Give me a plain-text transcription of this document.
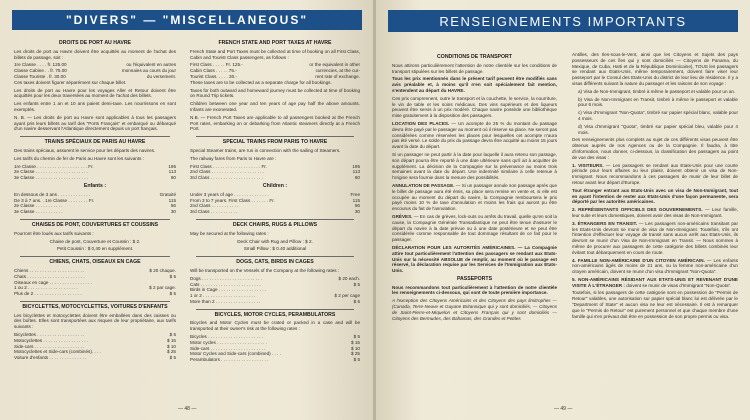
"DIVERS" — "MISCELLANEOUS"
DROITS DE PORT AU HAVRE
Les droits de port au Havre doivent être acquittés au moment de l'achat des billets de passage, soit :
1re Classe . . . . fr. 125.00	ou l'équivalent en autres
Classe Cabine . . fr. 75.00	monnaies au cours du jour
Classe Touriste . fr. 30.00	du versement.
Ces taxes doivent figurer séparément sur chaque billet.
Les droits de port au Havre pour les voyages Aller et Retour doivent être acquittés pour les deux traversées au moment de l'achat des billets.
Les enfants entre 1 an et 10 ans paient demi-taxe. Les nourrissons en sont exemptés.
N. B. — Les droits de port au Havre sont applicables à tous les passagers ayant pris leurs billets au tarif des "Ports Français" et embarqué ou débarqué d'un navire desservant l'Atlantique directement depuis un port français.
TRAINS SPÉCIAUX DE PARIS AU HAVRE
Des trains spéciaux, assurent le service pour les départs des navires.
Les tarifs du chemin de fer de Paris au Havre sont les suivants :
1re Classe . . . . . . . . . . . . . . . . . . . . Fr.	195
2e Classe . . . . . . . . . . . . . . . . . . . . .	113
3e Classe . . . . . . . . . . . . . . . . . . . . .	60
Enfants :
En dessous de 3 ans . . . . . . . . . . . . .	Gratuité
De 3 à 7 ans. . 1re Classe . . . . . . . . Fr.	115
2e Classe . . . . . . . . . . .	56
3e Classe . . . . . . . . . . .	30
CHAISES DE PONT, COUVERTURES ET COUSSINS
Pourront être loués aux tarifs suivants :
Chaise de pont, Couverture et Coussin : $ 2.
Petit Coussin : $ 0,40 en supplément.
CHIENS, CHATS, OISEAUX EN CAGE
Chiens . . . . . . . . . . . . . . . . . . . . . .	$ 20 chaque.
Chats . . . . . . . . . . . . . . . . . . . . . . .	$ 5
Oiseaux en cage . . . . . . . . . . . . . . . . .
1 ou 2 . . . . . . . . . . . . . . . . . . . .	$ 2 par cage.
Plus de 2 . . . . . . . . . . . . . . . . . . .	$ 5
BICYCLETTES, MOTOCYCLETTES, VOITURES D'ENFANTS
Les bicyclettes et motocyclettes doivent être emballées dans des caisses ou des boîtes. Elles sont transportées aux risques de leur propriétaire, aux tarifs suivants :
Bicyclettes . . . . . . . . . . . . . . . . . . .	$ 5
Motocyclettes . . . . . . . . . . . . . . . . . .	$ 15
Side-cars . . . . . . . . . . . . . . . . . . . .	$ 10
Motocyclettes et Side-cars (combinés). . . .	$ 25
Voiture d'enfants . . . . . . . . . . . . . . .	$ 5
FRENCH STATE AND PORT TAXES AT HAVRE
French State and Port Taxes must be collected at time of booking on all First Class, Cabin and Tourist Class passengers, as follows :
First Class . . . . . Fr. 125.-	or the equivalent in other
Cabin Class . . . . . 75.-	currencies, at the cur-
Tourist Class. . . . . 30.-	rent rate of exchange.
These taxes are to be collected as a separate charge for all bookings.
Taxes for both outward and homeward journey must be collected at time of booking on Round Trip tickets.
Children between one year and ten years of age pay half the above amounts. Infants are exonerated.
N.B. — French Port Taxes are applicable to all passengers booked at the French Port rates, embarking on or debarking from Atlantic steamers directly at a French Port.
SPECIAL TRAINS FROM PARIS TO HAVRE
Special Steamer trains, are run in connection with the sailing of Steamers.
The railway fares from Paris to Havre are :
First Class . . . . . . . . . . . . . . . . . . . Fr.	195
2nd Class . . . . . . . . . . . . . . . . . . . . .	113
3rd Class . . . . . . . . . . . . . . . . . . . . .	60
Children :
Under 3 years of age . . . . . . . . . . . . . .	Free
From 3 to 7 years. First Class . . . . . . . Fr.	115
2nd Class . . . . . . . . . . .	56
3rd Class . . . . . . . . . . .	30
DECK CHAIRS, RUGS & PILLOWS
May be secured at the following rates :
Deck Chair with Rug and Pillow : $ 2.
Small Pillow : $ 0.40 additional
DOGS, CATS, BIRDS IN CAGES
Will be transported on the Vessels of the Company at the following rates :
Dogs . . . . . . . . . . . . . . . . . . . . . . . .	$ 20 each.
Cats . . . . . . . . . . . . . . . . . . . . . . . .	$ 5
Birds in Cage . . . . . . . . . . . . . . . . . . .
1 or 2 . . . . . . . . . . . . . . . . . . . . .	$ 2 per cage
More than 2 . . . . . . . . . . . . . . . . . .	$ 5
BICYCLES, MOTOR CYCLES, PERAMBULATORS
Bicycles and Motor Cycles must be crated or packed in a case and will be transported at their owner's risk at the following rates :
Bicycles . . . . . . . . . . . . . . . . . . . . . .	$ 5
Motor cycles . . . . . . . . . . . . . . . . . . . .	$ 15
Side-cars . . . . . . . . . . . . . . . . . . . . . .	$ 10
Motor Cycles and Side-cars (combined) . . . .	$ 25
Perambulators . . . . . . . . . . . . . . . . . . .	$ 5
— 48 —
RENSEIGNEMENTS IMPORTANTS
CONDITIONS DE TRANSPORT
Nous attirons particulièrement l'attention de notre clientèle sur les conditions de transport stipulées sur les billets de passage.
Tous les prix mentionnés dans le présent tarif peuvent être modifiés sans avis préalable et, à moins qu'il n'en soit spécialement fait mention, s'entendent au départ du HAVRE.
Ces prix comprennent, outre le transport et la couchette, le service, la nourriture, le vin de table et les soins médicaux. Des vins supérieurs et des liqueurs peuvent être servis à un prix modéré. Chaque navire possède une bibliothèque mise gratuitement à la disposition des passagers.
LOCATION DES PLACES. — Un acompte de 25 % du montant du passage devra être payé par le passager au moment où il réserve sa place. Ne seront pas considérées comme réservées les places pour lesquelles cet acompte n'aura pas été versé. Le solde du prix du passage devra être acquitté au moins 15 jours avant la date du départ.
Si un passager ne peut partir à la date pour laquelle il aura retenu son passage, son départ pourra être reporté à une date ultérieure sans qu'il ait à acquitter de supplément. La décision de la Compagnie sur la prévenance au moins trois semaines avant la date du départ. Une indemnité similaire à celle retenue à l'origine sera fournie dans la mesure des possibilités.
ANNULATION DE PASSAGE. — Si un passager annule son passage après que le billet de passage aura été émis, sa place sera remise en vente et, si elle est occupée au moment du départ du navire, la Compagnie remboursera le prix payé moins 10 % de taxe d'annulation et moins les frais qui auront pu être encourus du fait de l'annulation.
GRÈVES. — En cas de grèves, lock-outs ou arrêts du travail, quelle qu'en soit la cause, la Compagnie Générale Transatlantique ne peut être tenue d'assurer le départ du navire à la date prévue ou à une date postérieure et ne peut être considérée comme responsable de tout dommage résultant de ce fait pour le passager.
DÉCLARATION POUR LES AUTORITÉS AMÉRICAINES. — La Compagnie attire tout particulièrement l'attention des passagers se rendant aux Etats-Unis sur la nécessité ABSOLUE de remplir, au moment où le passage est réservé, la déclaration requise par les Services de l'Immigration aux Etats-Unis.
PASSEPORTS
Nous recommandons tout particulièrement à l'attention de notre clientèle les renseignements ci-dessous, qui sont de toute première importance.
A l'exception des Citoyens Américains et des Citoyens des pays limitrophes — (Canada, Terre-Neuve et Guyane Britannique qui y sont domiciliés, — Citoyens de Saint-Pierre-et-Miquelon et Citoyens Français qui y sont domiciliés — Citoyens des Bermudes, des Bahamas, des Grandes et Petites
Antilles, des Iles-sous-le-Vent, ainsi que les Citoyens et Sujets des pays possesseurs de ces îles qui y sont domiciliés — Citoyens de Panama, du Mexique, de Cuba, Haïti et de la République Dominicaine), TOUS les passagers se rendant aux Etats-Unis, même temporairement, doivent faire viser leur passeport par le Consul des Etats-Unis du district de leur lieu de résidence. Il y a visas différents suivant la nature du passager et les raisons de son voyage :
a) Visa de Non-Immigrant, timbré à même le passeport et valable pour un an.
b) Visa de Non-Immigrant en Transit, timbré à même le passeport et valable pour 6 mois.
c) Visa d'Immigrant "Non-Quota", timbré sur papier spécial blanc, valable pour 4 mois.
d) Visa d'Immigrant "Quota", timbré sur papier spécial bleu, valable pour 4 mois.
Des renseignements plus complets au sujet de ces différents visas peuvent être obtenus auprès de nos Agences ou de la Compagnie. Il faudra, à titre d'information, nous donner, ci-dessous, la classification des passagers au point de vue des visas :
1. VISITEURS. — Les passagers se rendant aux Etats-Unis pour une courte période pour leurs affaires ou leur plaisir, doivent obtenir un visa de Non-Immigrant. Nous recommandons à ces passagers de munir de leur billet de retour avant leur départ d'Europe.
Tout étranger entrant aux Etats-Unis avec un visa de Non-Immigrant, tout en ayant l'intention de rester aux Etats-Unis d'une façon permanente, sera déporté par les autorités américaines.
2. REPRÉSENTANTS OFFICIELS DES GOUVERNEMENTS. — Leur famille, leur suite et leurs domestiques, doivent avoir des visas de Non-Immigrant.
3. ÉTRANGERS EN TRANSIT. — Les passagers non-américains transitant par les Etats-Unis devront se munir de visa de Non-Immigrant. Toutefois, s'ils ont l'intention d'effectuer leur voyage de transit sans aucun arrêt aux Etats-Unis, ils devront se munir d'un Visa de Non-Immigrant en Transit. — Nous sommes à même de procurer aux passagers de cette catégorie des billets combinés leur évitant tout débarquement en cours de route.
4. FAMILLE NON-AMÉRICAINE D'UN CITOYEN AMÉRICAIN. — Les enfants non-américains âgés de moins de 21 ans, ou la femme non-américaine d'un citoyen américain, doivent se munir d'un visa d'Immigrant "Non-Quota".
5. NON-AMÉRICAINS RÉSIDANT AUX ETATS-UNIS ET REVENANT D'UNE VISITE À L'ÉTRANGER : doivent se munir de visas d'Immigrant "Non-Quota".
Toutefois, si les passagers de cette catégorie sont en possession de "Permis de Retour" valables, une autorisation sur papier spécial blanc lui est délivrée par le "Department of State" et aucun visa ne leur est nécessaire. Il est à remarquer que le "Permis de Retour" est purement personnel et que chaque membre d'une famille qui s'en prévaut doit être en possession de son propre permis ou visa.
— 49 —
